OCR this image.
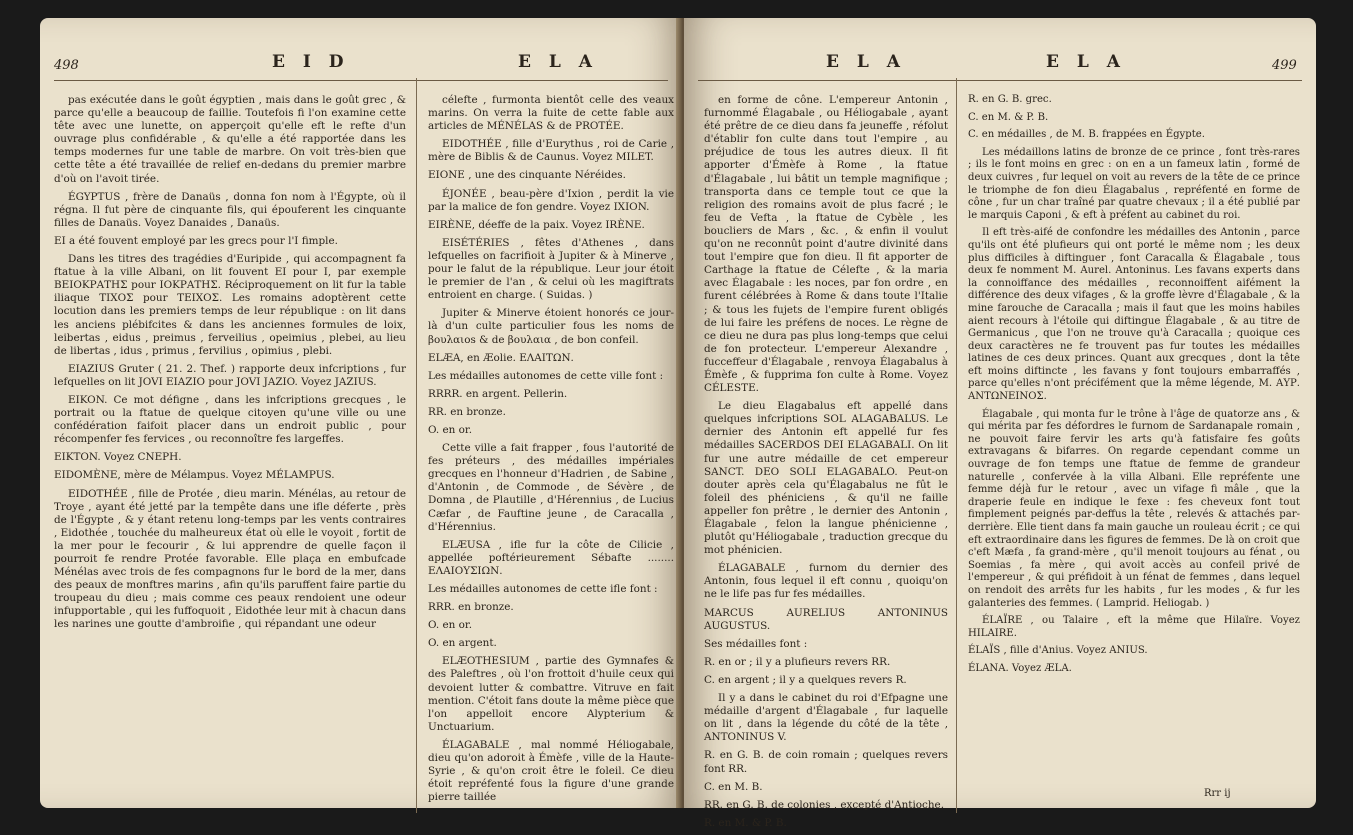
498	E I D	E L A

pas exécutée dans le goût égyptien , mais dans le goût grec , & parce qu'elle a beaucoup de faillie. Toutefois fi l'on examine cette tête avec une lunette, on apperçoit qu'elle eft le refte d'un ouvrage plus confidérable , & qu'elle a été rapportée dans les temps modernes fur une table de marbre. On voit très-bien que cette tête a été travaillée de relief en-dedans du premier marbre d'où on l'avoit tirée.

ÉGYPTUS , frère de Danaüs , donna fon nom à l'Égypte, où il régna. Il fut père de cinquante fils, qui épouferent les cinquante filles de Danaüs. Voyez Danaides , Danaüs.

EI a été fouvent employé par les grecs pour l'I fimple.

Dans les titres des tragédies d'Euripide , qui accompagnent fa ftatue à la ville Albani, on lit fouvent EI pour I, par exemple ΒΕΙΟΚΡΑΤΗΣ pour ΙΟΚΡΑΤΗΣ. Réciproquement on lit fur la table iliaque ΤΙΧΟΣ pour ΤΕΙΧΟΣ. Les romains adoptèrent cette locution dans les premiers temps de leur république : on lit dans les anciens plébifcites & dans les anciennes formules de loix, leibertas , eidus , preimus , ferveilius , opeimius , plebei, au lieu de libertas , idus , primus , fervilius , opimius , plebi.

EIAZIUS Gruter ( 21. 2. Thef. ) rapporte deux infcriptions , fur lefquelles on lit JOVI EIAZIO pour JOVI JAZIO. Voyez JAZIUS.

EIKON. Ce mot défigne , dans les infcriptions grecques , le portrait ou la ftatue de quelque citoyen qu'une ville ou une confédération faifoit placer dans un endroit public , pour récompenfer fes fervices , ou reconnoître fes largeffes.

EIKTON. Voyez CNEPH.

EIDOMÈNE, mère de Mélampus. Voyez MÉLAMPUS.

EIDOTHÉE , fille de Protée , dieu marin. Ménélas, au retour de Troye , ayant été jetté par la tempête dans une ifle déferte , près de l'Égypte , & y étant retenu long-temps par les vents contraires , Eidothée , touchée du malheureux état où elle le voyoit , fortit de la mer pour le fecourir , & lui apprendre de quelle façon il pourroit fe rendre Protée favorable. Elle plaça en embufcade Ménélas avec trois de fes compagnons fur le bord de la mer, dans des peaux de monftres marins , afin qu'ils paruffent faire partie du troupeau du dieu ; mais comme ces peaux rendoient une odeur infupportable , qui les fuffoquoit , Eidothée leur mit à chacun dans les narines une goutte d'ambroifie , qui répandant une odeur

célefte , furmonta bientôt celle des veaux marins. On verra la fuite de cette fable aux articles de MÉNÉLAS & de PROTÉE.

EIDOTHÉE , fille d'Eurythus , roi de Carie , mère de Biblis & de Caunus. Voyez MILET.

EIONE , une des cinquante Néréides.

ÉJONÉE , beau-père d'Ixion , perdit la vie par la malice de fon gendre. Voyez IXION.

EIRÈNE, déeffe de la paix. Voyez IRÈNE.

EISÉTÉRIES , fêtes d'Athenes , dans lefquelles on facrifioit à Jupiter & à Minerve , pour le falut de la république. Leur jour étoit le premier de l'an , & celui où les magiftrats entroient en charge. ( Suidas. )

Jupiter & Minerve étoient honorés ce jour-là d'un culte particulier fous les noms de βουλαιοs & de βουλαια , de bon confeil.

ELÆA, en Æolie. ΕΛΑΙΤΩΝ.

Les médailles autonomes de cette ville font :

RRRR. en argent. Pellerin.

RR. en bronze.

O. en or.

Cette ville a fait frapper , fous l'autorité de fes préteurs , des médailles impériales grecques en l'honneur d'Hadrien , de Sabine , d'Antonin , de Commode , de Sévère , de Domna , de Plautille , d'Hérennius , de Lucius Cæfar , de Fauftine jeune , de Caracalla , d'Hérennius.

ELÆUSA , ifle fur la côte de Cilicie , appellée poftérieurement Sébafte ........ ΕΛΑΙΟΥΣΙΩΝ.

Les médailles autonomes de cette ifle font :

RRR. en bronze.

O. en or.

O. en argent.

ELÆOTHESIUM , partie des Gymnafes & des Paleftres , où l'on frottoit d'huile ceux qui devoient lutter & combattre. Vitruve en fait mention. C'étoit fans doute la même pièce que l'on appelloit encore Alypterium & Unctuarium.

ÉLAGABALE , mal nommé Héliogabale, dieu qu'on adoroit à Émèfe , ville de la Haute-Syrie , & qu'on croit être le foleil. Ce dieu étoit repréfenté fous la figure d'une grande pierre taillée

E L A	E L A	499

en forme de cône. L'empereur Antonin , furnommé Élagabale , ou Héliogabale , ayant été prêtre de ce dieu dans fa jeuneffe , réfolut d'établir fon culte dans tout l'empire , au préjudice de tous les autres dieux. Il fit apporter d'Émèfe à Rome , la ftatue d'Élagabale , lui bâtit un temple magnifique ; transporta dans ce temple tout ce que la religion des romains avoit de plus facré ; le feu de Vefta , la ftatue de Cybèle , les boucliers de Mars , &c. , & enfin il voulut qu'on ne reconnût point d'autre divinité dans tout l'empire que fon dieu. Il fit apporter de Carthage la ftatue de Célefte , & la maria avec Élagabale : les noces, par fon ordre , en furent célébrées à Rome & dans toute l'Italie ; & tous les fujets de l'empire furent obligés de lui faire les préfens de noces. Le règne de ce dieu ne dura pas plus long-temps que celui de fon protecteur. L'empereur Alexandre , fucceffeur d'Élagabale , renvoya Élagabalus à Émèfe , & fupprima fon culte à Rome. Voyez CÉLESTE.

Le dieu Elagabalus eft appellé dans quelques infcriptions SOL ALAGABALUS. Le dernier des Antonin eft appellé fur fes médailles SACERDOS DEI ELAGABALI. On lit fur une autre médaille de cet empereur SANCT. DEO SOLI ELAGABALO. Peut-on douter après cela qu'Élagabalus ne fût le foleil des phéniciens , & qu'il ne faille appeller fon prêtre , le dernier des Antonin , Élagabale , felon la langue phénicienne , plutôt qu'Héliogabale , traduction grecque du mot phénicien.

ÉLAGABALE , furnom du dernier des Antonin, fous lequel il eft connu , quoiqu'on ne le life pas fur fes médailles.

MARCUS AURELIUS ANTONINUS AUGUSTUS.

Ses médailles font :

R. en or ; il y a plufieurs revers RR.

C. en argent ; il y a quelques revers R.

Il y a dans le cabinet du roi d'Efpagne une médaille d'argent d'Élagabale , fur laquelle on lit , dans la légende du côté de la tête , ANTONINUS V.

R. en G. B. de coin romain ; quelques revers font RR.

C. en M. B.

RR. en G. B. de colonies , excepté d'Antioche.

R. en M. & P. B.

R. en G. B. grec.

C. en M. & P. B.

C. en médailles , de M. B. frappées en Égypte.

Les médaillons latins de bronze de ce prince , font très-rares ; ils le font moins en grec : on en a un fameux latin , formé de deux cuivres , fur lequel on voit au revers de la tête de ce prince le triomphe de fon dieu Élagabalus , repréfenté en forme de cône , fur un char traîné par quatre chevaux ; il a été publié par le marquis Caponi , & eft à préfent au cabinet du roi.

Il eft très-aifé de confondre les médailles des Antonin , parce qu'ils ont été plufieurs qui ont porté le même nom ; les deux plus difficiles à diftinguer , font Caracalla & Élagabale , tous deux fe nomment M. Aurel. Antoninus. Les favans experts dans la connoiffance des médailles , reconnoiffent aifément la différence des deux vifages , & la groffe lèvre d'Élagabale , & la mine farouche de Caracalla ; mais il faut que les moins habiles aient recours à l'étoile qui diftingue Élagabale , & au titre de Germanicus , que l'on ne trouve qu'à Caracalla ; quoique ces deux caractères ne fe trouvent pas fur toutes les médailles latines de ces deux princes. Quant aux grecques , dont la tête eft moins diftincte , les favans y font toujours embarraffés , parce qu'elles n'ont précifément que la même légende, Μ. ΑΥΡ. ΑΝΤΩΝΕΙΝΟΣ.

Élagabale , qui monta fur le trône à l'âge de quatorze ans , & qui mérita par fes défordres le furnom de Sardanapale romain , ne pouvoit faire fervir les arts qu'à fatisfaire fes goûts extravagans & bifarres. On regarde cependant comme un ouvrage de fon temps une ftatue de femme de grandeur naturelle , confervée à la villa Albani. Elle repréfente une femme déjà fur le retour , avec un vifage fi mâle , que la draperie feule en indique le fexe : fes cheveux font tout fimplement peignés par-deffus la tête , relevés & attachés par-derrière. Elle tient dans fa main gauche un rouleau écrit ; ce qui eft extraordinaire dans les figures de femmes. De là on croit que c'eft Mæfa , fa grand-mère , qu'il menoit toujours au fénat , ou Soemias , fa mère , qui avoit accès au confeil privé de l'empereur , & qui préfidoit à un fénat de femmes , dans lequel on rendoit des arrêts fur les habits , fur les modes , & fur les galanteries des femmes. ( Lamprid. Heliogab. )

ÉLAÏRE , ou Talaire , eft la même que Hilaïre. Voyez HILAIRE.

ÉLAÏS , fille d'Anius. Voyez ANIUS.

ÉLANA. Voyez ÆLA.

Rrr ij
